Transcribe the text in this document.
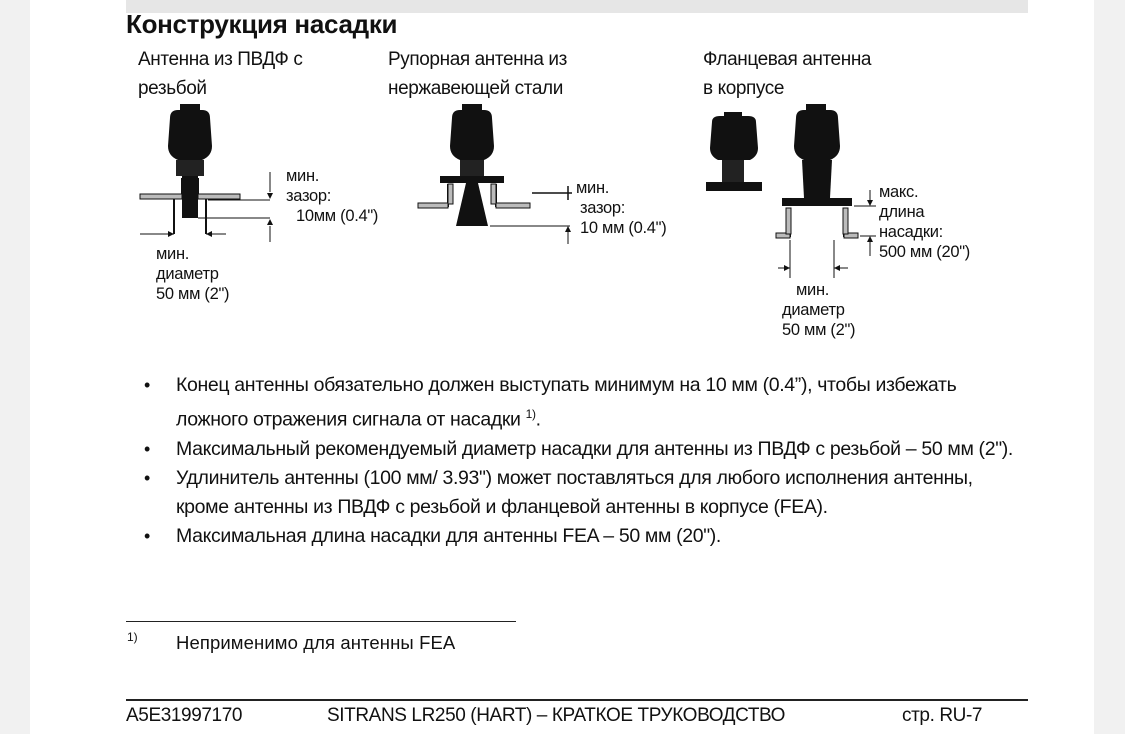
Конструкция насадки
Антенна из ПВДФ с
резьбой
Рупорная антенна из
нержавеющей стали
Фланцевая антенна
в корпусе
мин.
зазор:
10мм (0.4")
мин.
диаметр
50 мм (2")
мин.
зазор:
10 мм (0.4")
макс.
длина
насадки:
500 мм (20")
мин.
диаметр
50 мм (2")
• Конец антенны обязательно должен выступать минимум на 10 мм (0.4”), чтобы избежать ложного отражения сигнала от насадки $^{1)}$.
• Максимальный рекомендуемый диаметр насадки для антенны из ПВДФ с резьбой – 50 мм (2").
• Удлинитель антенны (100 мм/ 3.93") может поставляться для любого исполнения антенны, кроме антенны из ПВДФ с резьбой и фланцевой антенны в корпусе (FEA).
• Максимальная длина насадки для антенны FEA – 50 мм (20").
1) Неприменимо для антенны FEA
A5E31997170	SITRANS LR250 (HART) – КРАТКОЕ ТРУКОВОДСТВО	стр. RU-7
